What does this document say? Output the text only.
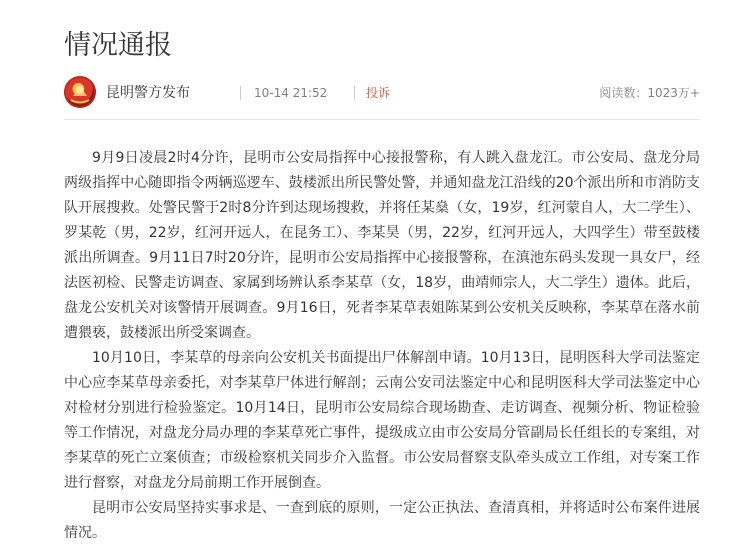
情况通报
昆明警方发布	10-14 21:52	投诉	阅读数：1023万+

9月9日凌晨2时4分许，昆明市公安局指挥中心接报警称，有人跳入盘龙江。市公安局、盘龙分局两级指挥中心随即指令两辆巡逻车、鼓楼派出所民警处警，并通知盘龙江沿线的20个派出所和市消防支队开展搜救。处警民警于2时8分许到达现场搜救，并将任某燊（女，19岁，红河蒙自人，大二学生）、罗某乾（男，22岁，红河开远人，在昆务工）、李某昊（男，22岁，红河开远人，大四学生）带至鼓楼派出所调查。9月11日7时20分许，昆明市公安局指挥中心接报警称，在滇池东码头发现一具女尸，经法医初检、民警走访调查、家属到场辨认系李某草（女，18岁，曲靖师宗人，大二学生）遗体。此后，盘龙公安机关对该警情开展调查。9月16日，死者李某草表姐陈某到公安机关反映称，李某草在落水前遭猥亵，鼓楼派出所受案调查。

10月10日，李某草的母亲向公安机关书面提出尸体解剖申请。10月13日，昆明医科大学司法鉴定中心应李某草母亲委托，对李某草尸体进行解剖；云南公安司法鉴定中心和昆明医科大学司法鉴定中心对检材分别进行检验鉴定。10月14日，昆明市公安局综合现场勘查、走访调查、视频分析、物证检验等工作情况，对盘龙分局办理的李某草死亡事件，提级成立由市公安局分管副局长任组长的专案组，对李某草的死亡立案侦查；市级检察机关同步介入监督。市公安局督察支队牵头成立工作组，对专案工作进行督察，对盘龙分局前期工作开展倒查。

昆明市公安局坚持实事求是、一查到底的原则，一定公正执法、查清真相，并将适时公布案件进展情况。
